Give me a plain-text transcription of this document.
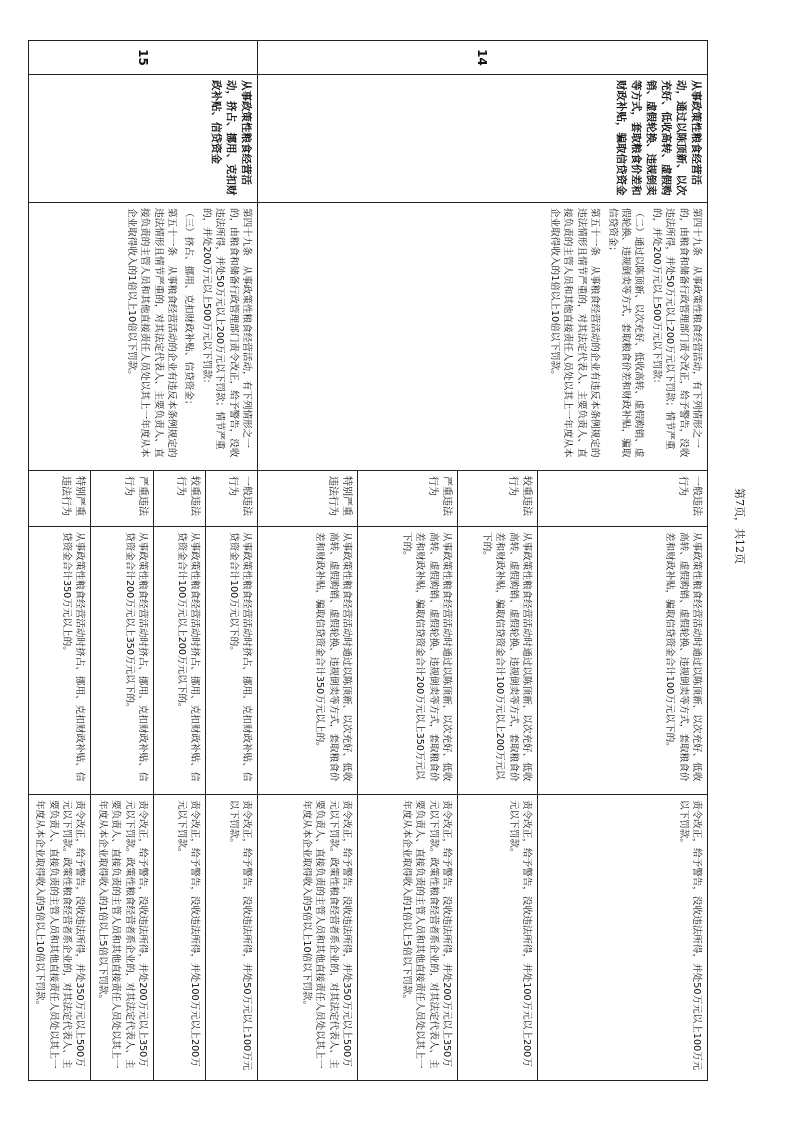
14	从事政策性粮食经营活动，通过以陈顶新、以次充好、低收高转、虚假购销、虚假轮换、违规倒卖等方式，套取粮食价差和财政补贴，骗取信贷资金	第四十九条　从事政策性粮食经营活动，有下列情形之一的，由粮食和储备行政管理部门责令改正，给予警告，没收违法所得，并处50万元以上200万元以下罚款；情节严重的，并处200万元以上500万元以下罚款：
（二）通过以陈顶新、以次充好、低收高转、虚假购销、虚假轮换、违规倒卖等方式，套取粮食价差和财政补贴，骗取信贷资金；
第五十一条　从事粮食经营活动的企业有违反本条例规定的违法情形且情节严重的，对其法定代表人、主要负责人、直接负责的主管人员和其他直接责任人员处以其上一年度从本企业取得收入的1倍以上10倍以下罚款。	一般违法行为	从事政策性粮食经营活动时通过以陈顶新、以次充好、低收高转、虚假购销、虚假轮换、违规倒卖等方式，套取粮食价差和财政补贴，骗取信贷资金合计100万元以下的。	责令改正，给予警告，没收违法所得，并处50万元以上100万元以下罚款。
			较重违法行为	从事政策性粮食经营活动时通过以陈顶新、以次充好、低收高转、虚假购销、虚假轮换、违规倒卖等方式，套取粮食价差和财政补贴，骗取信贷资金合计100万元以上200万元以下的。	责令改正，给予警告，没收违法所得，并处100万元以上200万元以下罚款。
			严重违法行为	从事政策性粮食经营活动时通过以陈顶新、以次充好、低收高转、虚假购销、虚假轮换、违规倒卖等方式，套取粮食价差和财政补贴，骗取信贷资金合计200万元以上350万元以下的。	责令改正，给予警告，没收违法所得，并处200万元以上350万元以下罚款。政策性粮食经营者系企业的，对其法定代表人、主要负责人、直接负责的主管人员和其他直接责任人员处以其上一年度从本企业取得收入的1倍以上5倍以下罚款。
			特别严重违法行为	从事政策性粮食经营活动时通过以陈顶新、以次充好、低收高转、虚假购销、虚假轮换、违规倒卖等方式，套取粮食价差和财政补贴，骗取信贷资金合计350万元以上的。	责令改正，给予警告，没收违法所得，并处350万元以上500万元以下罚款。政策性粮食经营者系企业的，对其法定代表人、主要负责人、直接负责的主管人员和其他直接责任人员处以其上一年度从本企业取得收入的5倍以上10倍以下罚款。
15	从事政策性粮食经营活动，挤占、挪用、克扣财政补贴、信贷资金	第四十九条　从事政策性粮食经营活动，有下列情形之一的，由粮食和储备行政管理部门责令改正，给予警告，没收违法所得，并处50万元以上200万元以下罚款；情节严重的，并处200万元以上500万元以下罚款：
（三）挤占、挪用、克扣财政补贴、信贷资金；
第五十一条　从事粮食经营活动的企业有违反本条例规定的违法情形且情节严重的，对其法定代表人、主要负责人、直接负责的主管人员和其他直接责任人员处以其上一年度从本企业取得收入的1倍以上10倍以下罚款。	一般违法行为	从事政策性粮食经营活动时挤占、挪用、克扣财政补贴、信贷资金合计100万元以下的。	责令改正，给予警告，没收违法所得，并处50万元以上100万元以下罚款。
			较重违法行为	从事政策性粮食经营活动时挤占、挪用、克扣财政补贴、信贷资金合计100万元以上200万元以下的。	责令改正，给予警告，没收违法所得，并处100万元以上200万元以下罚款。
			严重违法行为	从事政策性粮食经营活动时挤占、挪用、克扣财政补贴、信贷资金合计200万元以上350万元以下的。	责令改正，给予警告，没收违法所得，并处200万元以上350万元以下罚款。政策性粮食经营者系企业的，对其法定代表人、主要负责人、直接负责的主管人员和其他直接责任人员处以其上一年度从本企业取得收入的1倍以上5倍以下罚款。
			特别严重违法行为	从事政策性粮食经营活动时挤占、挪用、克扣财政补贴、信贷资金合计350万元以上的。	责令改正，给予警告，没收违法所得，并处350万元以上500万元以下罚款。政策性粮食经营者系企业的，对其法定代表人、主要负责人、直接负责的主管人员和其他直接责任人员处以其上一年度从本企业取得收入的5倍以上10倍以下罚款。
第7页，共12页
